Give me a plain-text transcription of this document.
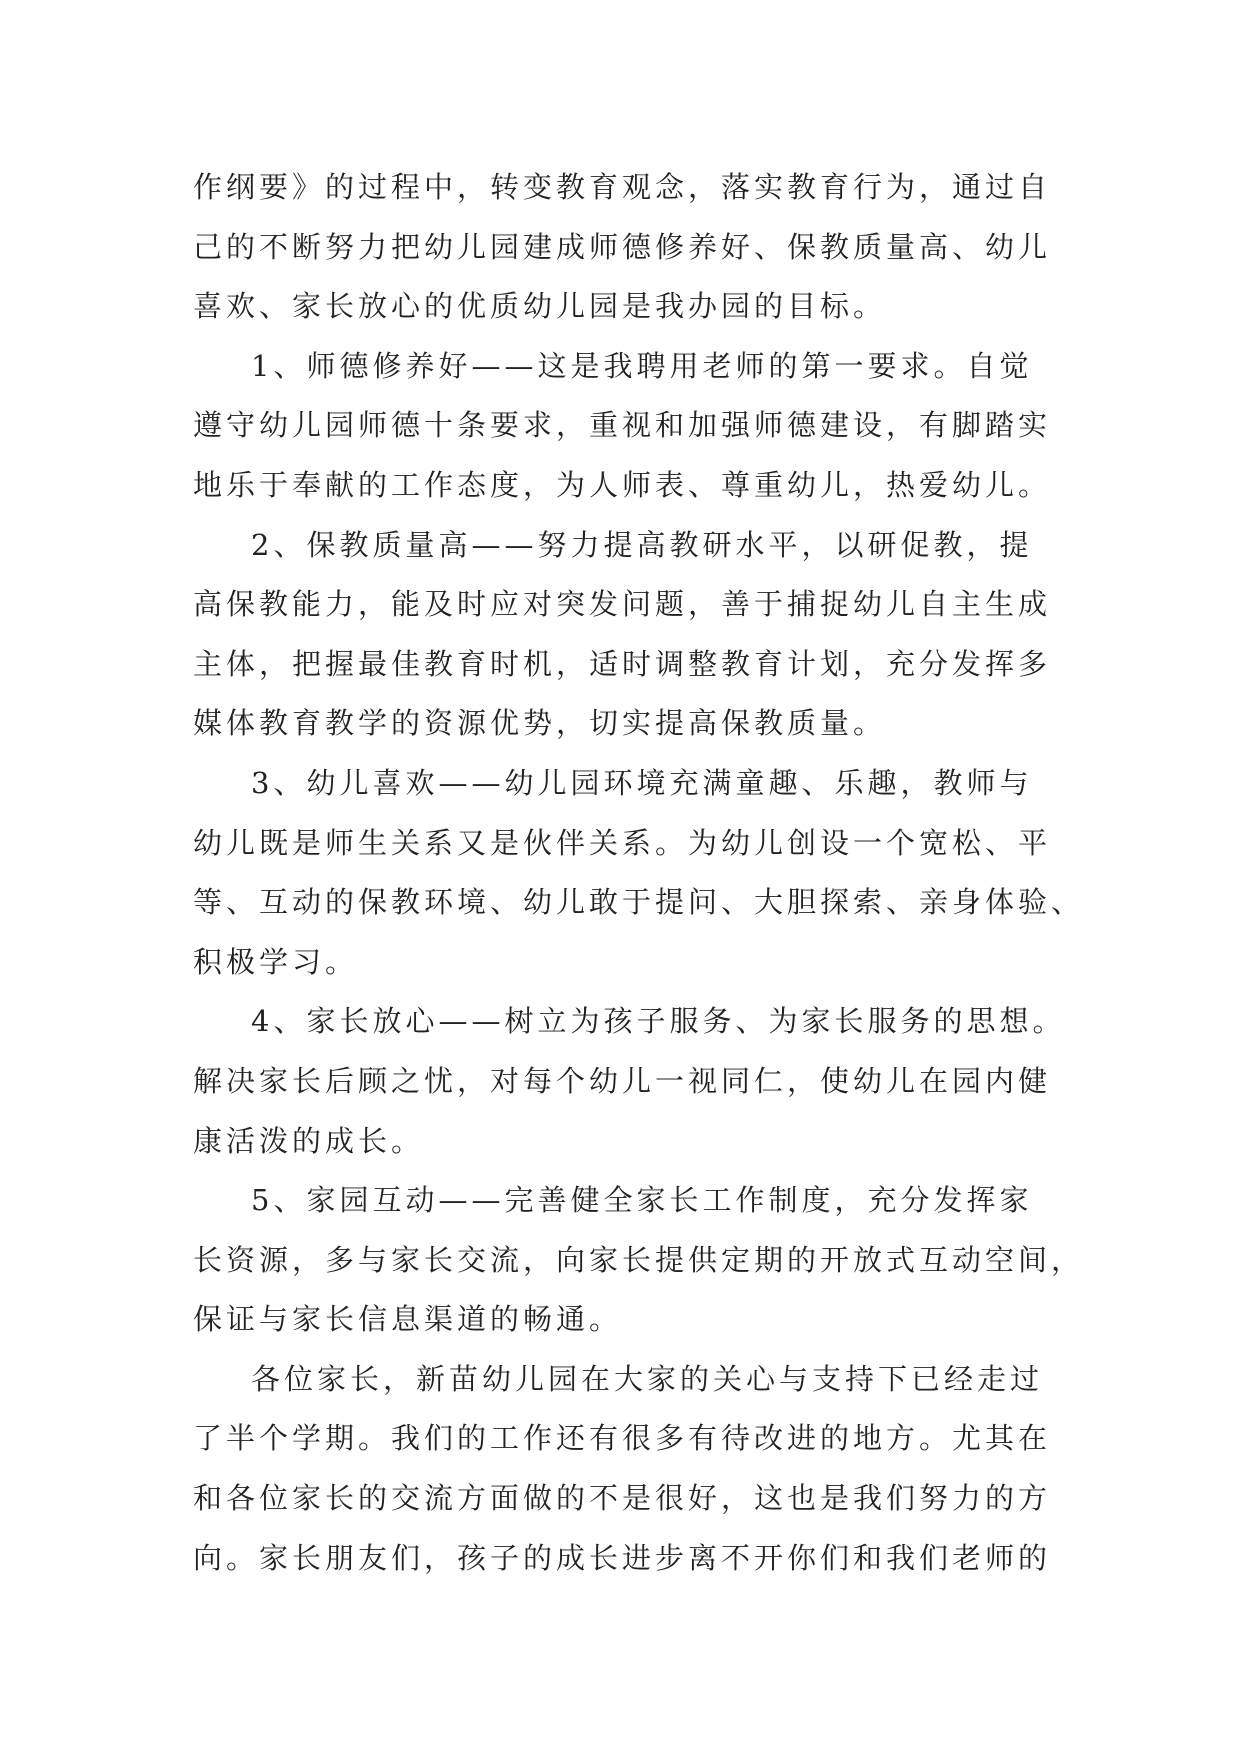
作纲要》的过程中，转变教育观念，落实教育行为，通过自
己的不断努力把幼儿园建成师德修养好、保教质量高、幼儿
喜欢、家长放心的优质幼儿园是我办园的目标。
1、师德修养好——这是我聘用老师的第一要求。自觉
遵守幼儿园师德十条要求，重视和加强师德建设，有脚踏实
地乐于奉献的工作态度，为人师表、尊重幼儿，热爱幼儿。
2、保教质量高——努力提高教研水平，以研促教，提
高保教能力，能及时应对突发问题，善于捕捉幼儿自主生成
主体，把握最佳教育时机，适时调整教育计划，充分发挥多
媒体教育教学的资源优势，切实提高保教质量。
3、幼儿喜欢——幼儿园环境充满童趣、乐趣，教师与
幼儿既是师生关系又是伙伴关系。为幼儿创设一个宽松、平
等、互动的保教环境、幼儿敢于提问、大胆探索、亲身体验、
积极学习。
4、家长放心——树立为孩子服务、为家长服务的思想。
解决家长后顾之忧，对每个幼儿一视同仁，使幼儿在园内健
康活泼的成长。
5、家园互动——完善健全家长工作制度，充分发挥家
长资源，多与家长交流，向家长提供定期的开放式互动空间，
保证与家长信息渠道的畅通。
各位家长，新苗幼儿园在大家的关心与支持下已经走过
了半个学期。我们的工作还有很多有待改进的地方。尤其在
和各位家长的交流方面做的不是很好，这也是我们努力的方
向。家长朋友们，孩子的成长进步离不开你们和我们老师的
